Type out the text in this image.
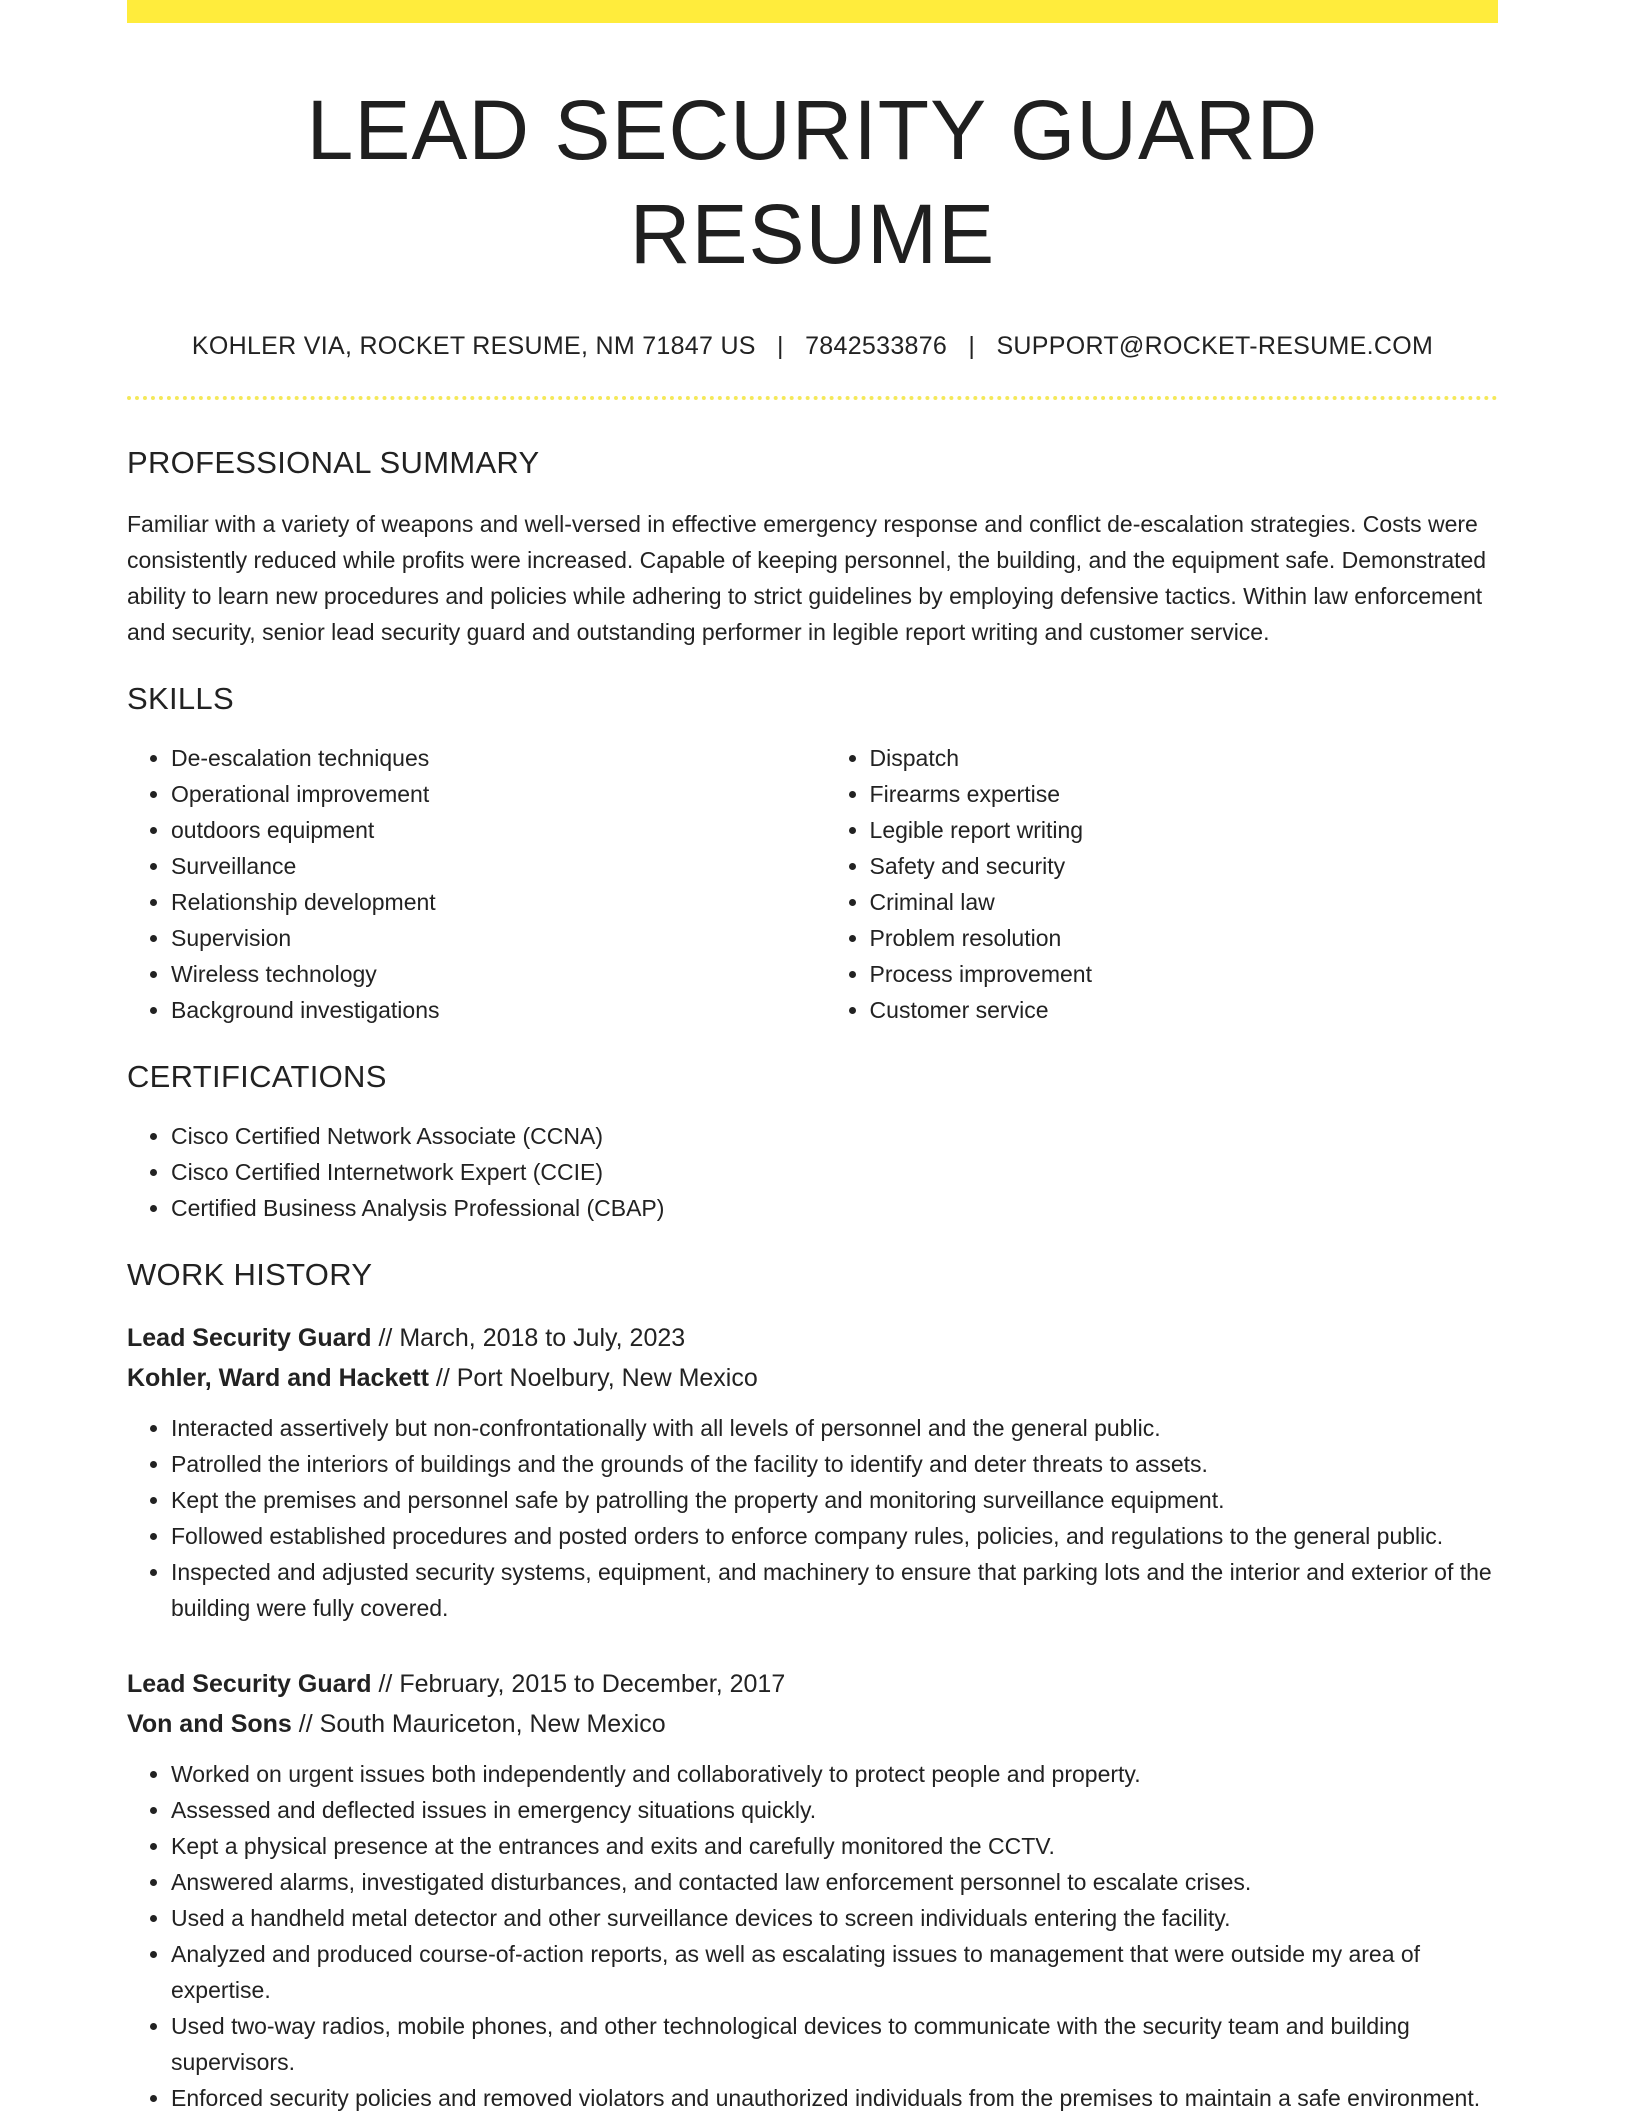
LEAD SECURITY GUARD RESUME
KOHLER VIA, ROCKET RESUME, NM 71847 US | 7842533876 | SUPPORT@ROCKET-RESUME.COM
PROFESSIONAL SUMMARY

Familiar with a variety of weapons and well-versed in effective emergency response and conflict de-escalation strategies. Costs were consistently reduced while profits were increased. Capable of keeping personnel, the building, and the equipment safe. Demonstrated ability to learn new procedures and policies while adhering to strict guidelines by employing defensive tactics. Within law enforcement and security, senior lead security guard and outstanding performer in legible report writing and customer service.

SKILLS
• De-escalation techniques
• Operational improvement
• outdoors equipment
• Surveillance
• Relationship development
• Supervision
• Wireless technology
• Background investigations
• Dispatch
• Firearms expertise
• Legible report writing
• Safety and security
• Criminal law
• Problem resolution
• Process improvement
• Customer service
CERTIFICATIONS
• Cisco Certified Network Associate (CCNA)
• Cisco Certified Internetwork Expert (CCIE)
• Certified Business Analysis Professional (CBAP)
WORK HISTORY
Lead Security Guard // March, 2018 to July, 2023
Kohler, Ward and Hackett // Port Noelbury, New Mexico
• Interacted assertively but non-confrontationally with all levels of personnel and the general public.
• Patrolled the interiors of buildings and the grounds of the facility to identify and deter threats to assets.
• Kept the premises and personnel safe by patrolling the property and monitoring surveillance equipment.
• Followed established procedures and posted orders to enforce company rules, policies, and regulations to the general public.
• Inspected and adjusted security systems, equipment, and machinery to ensure that parking lots and the interior and exterior of the building were fully covered.
Lead Security Guard // February, 2015 to December, 2017
Von and Sons // South Mauriceton, New Mexico
• Worked on urgent issues both independently and collaboratively to protect people and property.
• Assessed and deflected issues in emergency situations quickly.
• Kept a physical presence at the entrances and exits and carefully monitored the CCTV.
• Answered alarms, investigated disturbances, and contacted law enforcement personnel to escalate crises.
• Used a handheld metal detector and other surveillance devices to screen individuals entering the facility.
• Analyzed and produced course-of-action reports, as well as escalating issues to management that were outside my area of expertise.
• Used two-way radios, mobile phones, and other technological devices to communicate with the security team and building supervisors.
• Enforced security policies and removed violators and unauthorized individuals from the premises to maintain a safe environment.
